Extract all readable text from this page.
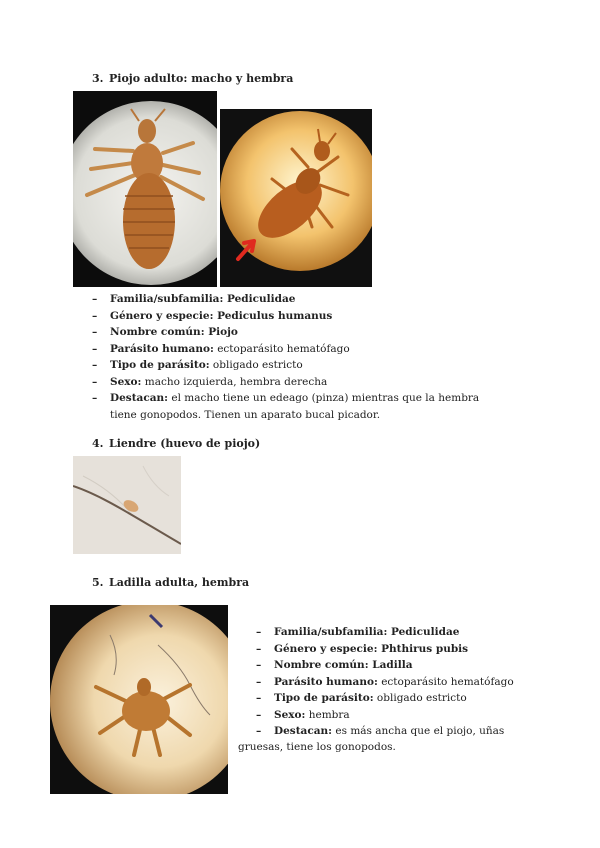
3. Piojo adulto: macho y hembra
– Familia/subfamilia: Pediculidae
– Género y especie: Pediculus humanus
– Nombre común: Piojo
– Parásito humano: ectoparásito hematófago
– Tipo de parásito: obligado estricto
– Sexo: macho izquierda, hembra derecha
– Destacan: el macho tiene un edeago (pinza) mientras que la hembra tiene gonopodos. Tienen un aparato bucal picador.
4. Liendre (huevo de piojo)
5. Ladilla adulta, hembra
– Familia/subfamilia: Pediculidae
– Género y especie: Phthirus pubis
– Nombre común: Ladilla
– Parásito humano: ectoparásito hematófago
– Tipo de parásito: obligado estricto
– Sexo: hembra
– Destacan: es más ancha que el piojo, uñas
gruesas, tiene los gonopodos.
